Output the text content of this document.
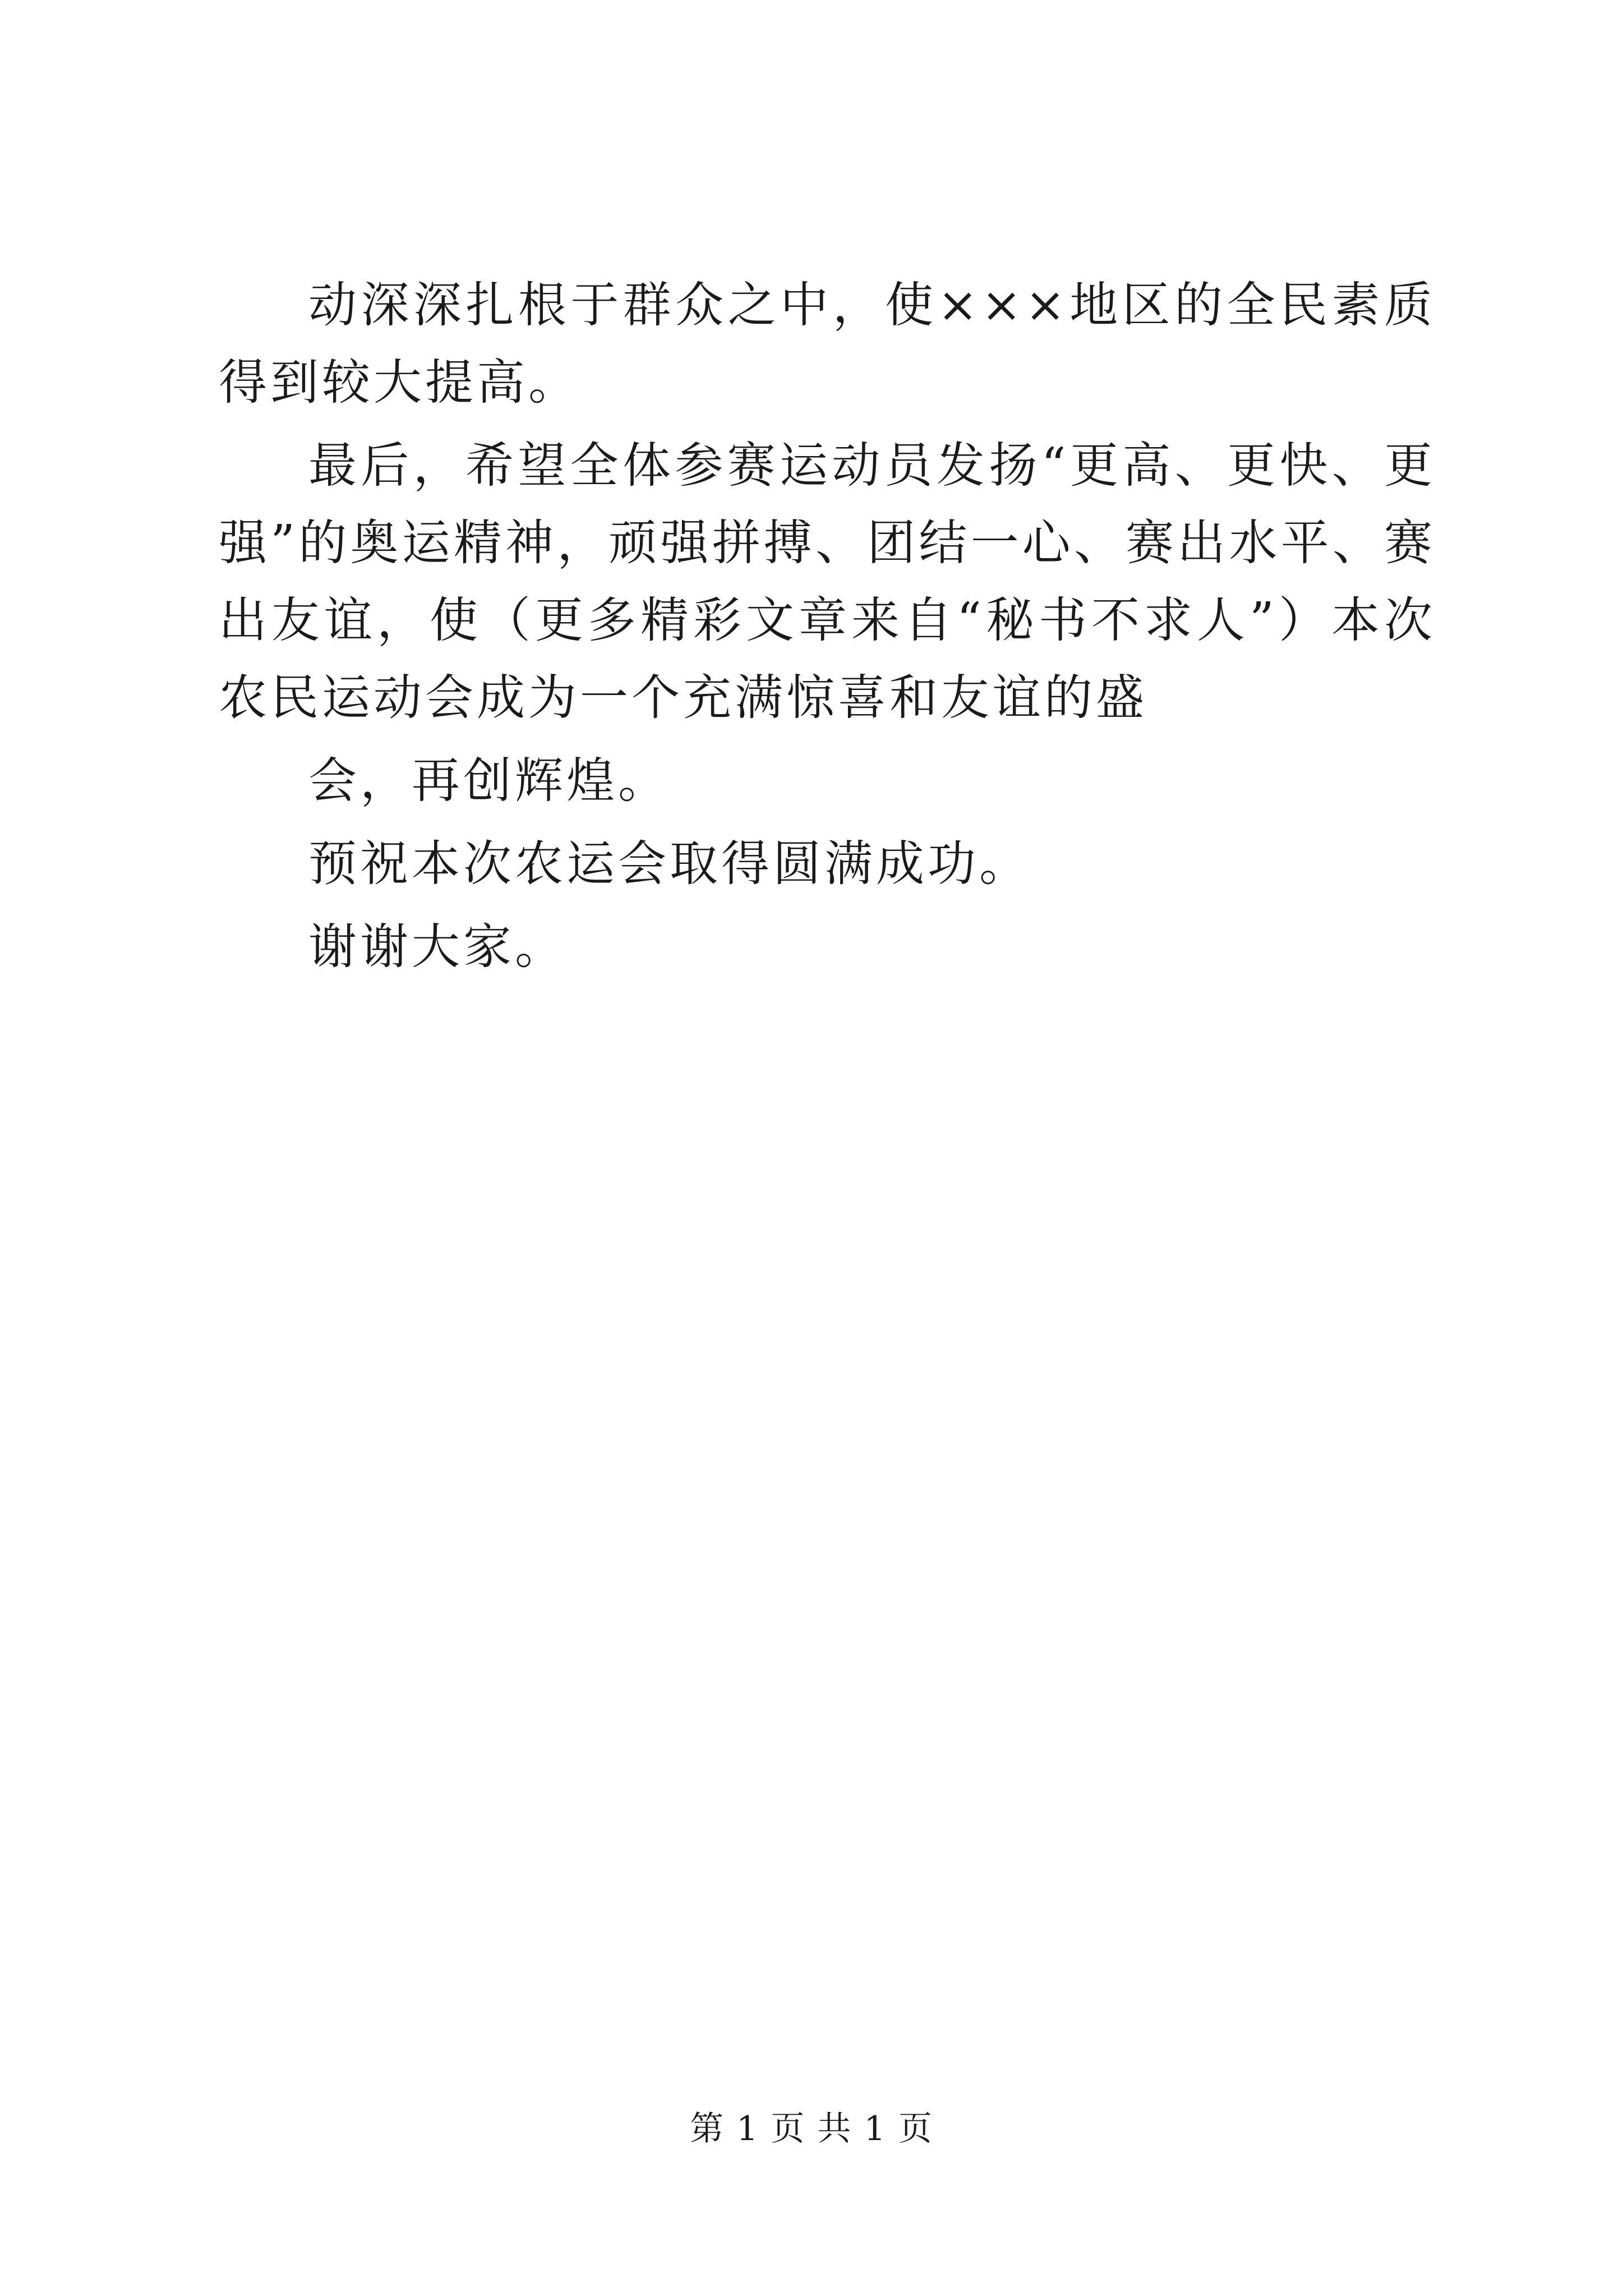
动深深扎根于群众之中，使×××地区的全民素质得到较大提高。

最后，希望全体参赛运动员发扬“更高、更快、更强”的奥运精神，顽强拼搏、团结一心、赛出水平、赛出友谊，使（更多精彩文章来自“秘书不求人”）本次农民运动会成为一个充满惊喜和友谊的盛

会，再创辉煌。

预祝本次农运会取得圆满成功。

谢谢大家。

第 1 页 共 1 页
